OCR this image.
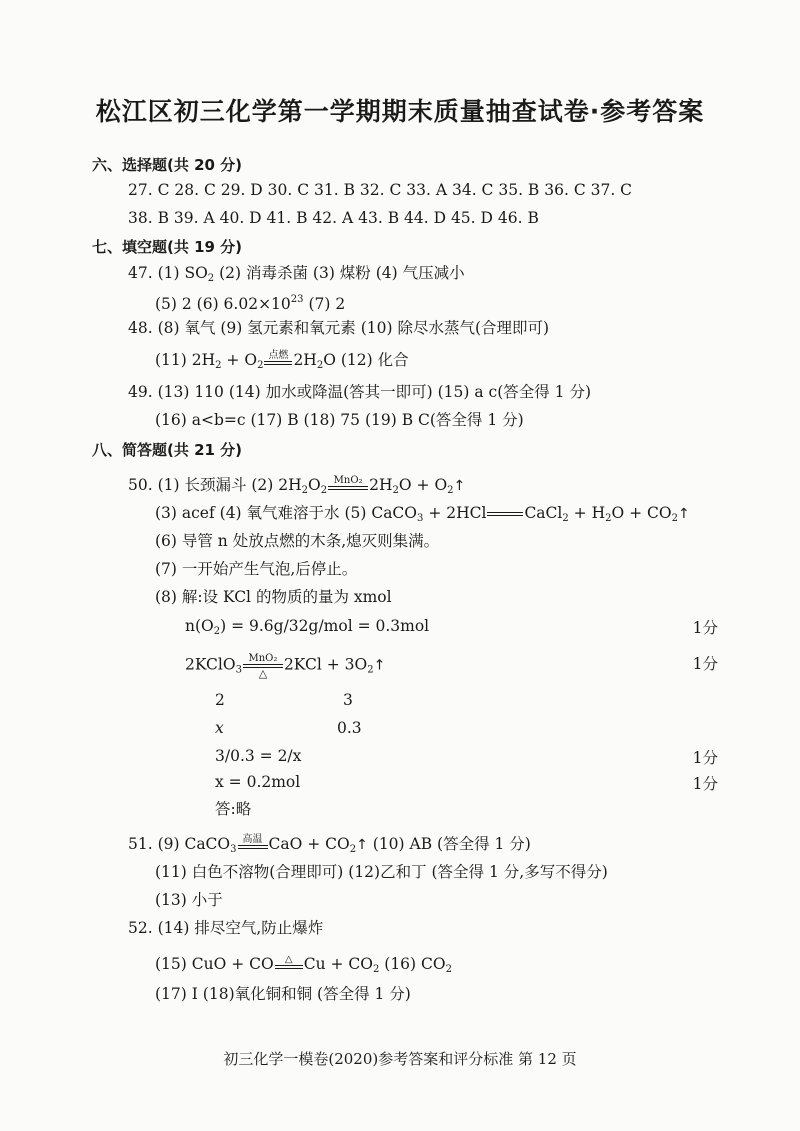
松江区初三化学第一学期期末质量抽查试卷·参考答案
六、选择题(共 20 分)
27. C 28. C 29. D 30. C 31. B 32. C 33. A 34. C 35. B 36. C 37. C
38. B 39. A 40. D 41. B 42. A 43. B 44. D 45. D 46. B
七、填空题(共 19 分)
47. (1) $SO_2$ (2) 消毒杀菌 (3) 煤粉 (4) 气压减小
(5) 2 (6) $6.02\times 10^{23}$ (7) 2
48. (8) 氧气 (9) 氢元素和氧元素 (10) 除尽水蒸气(合理即可)
(11) $2H_2 + O_2$
点燃 $2H_2O$ (12) 化合
49. (13) 110 (14) 加水或降温(答其一即可) (15) a c(答全得 1 分)
(16) a<b=c (17) B (18) 75 (19) B C(答全得 1 分)
八、简答题(共 21 分)
50. (1) 长颈漏斗 (2) $2H_2O_2$
MnO₂ $2H_2O$ + $O_2↑$
(3) acef (4) 氧气难溶于水 (5) CaCO$_3$ + 2HCl CaCl$_2$ + $H_2O$ + $CO_2↑$
(6) 导管 n 处放点燃的木条,熄灭则集满。
(7) 一开始产生气泡,后停止。
(8) 解:设 KCl 的物质的量为 xmol
$n(O_2) = 9.6g/32g/mol = 0.3mol$	1分
2KClO$_3$
MnO₂
△	$2KCl + 3O_2↑$	1分
2	3
x	0.3
3/0.3 = 2/x	1分
x = 0.2mol	1分
答:略
51. (9) CaCO$_3$
高温 CaO + $CO_2↑$ (10) AB (答全得 1 分)
(11) 白色不溶物(合理即可) (12)乙和丁 (答全得 1 分,多写不得分)
(13) 小于
52. (14) 排尽空气,防止爆炸
(15) CuO + CO	△ $Cu + CO_2$ (16) $CO_2$
(17) Ⅰ (18)氧化铜和铜 (答全得 1 分)
初三化学一模卷(2020)参考答案和评分标准 第 12 页
